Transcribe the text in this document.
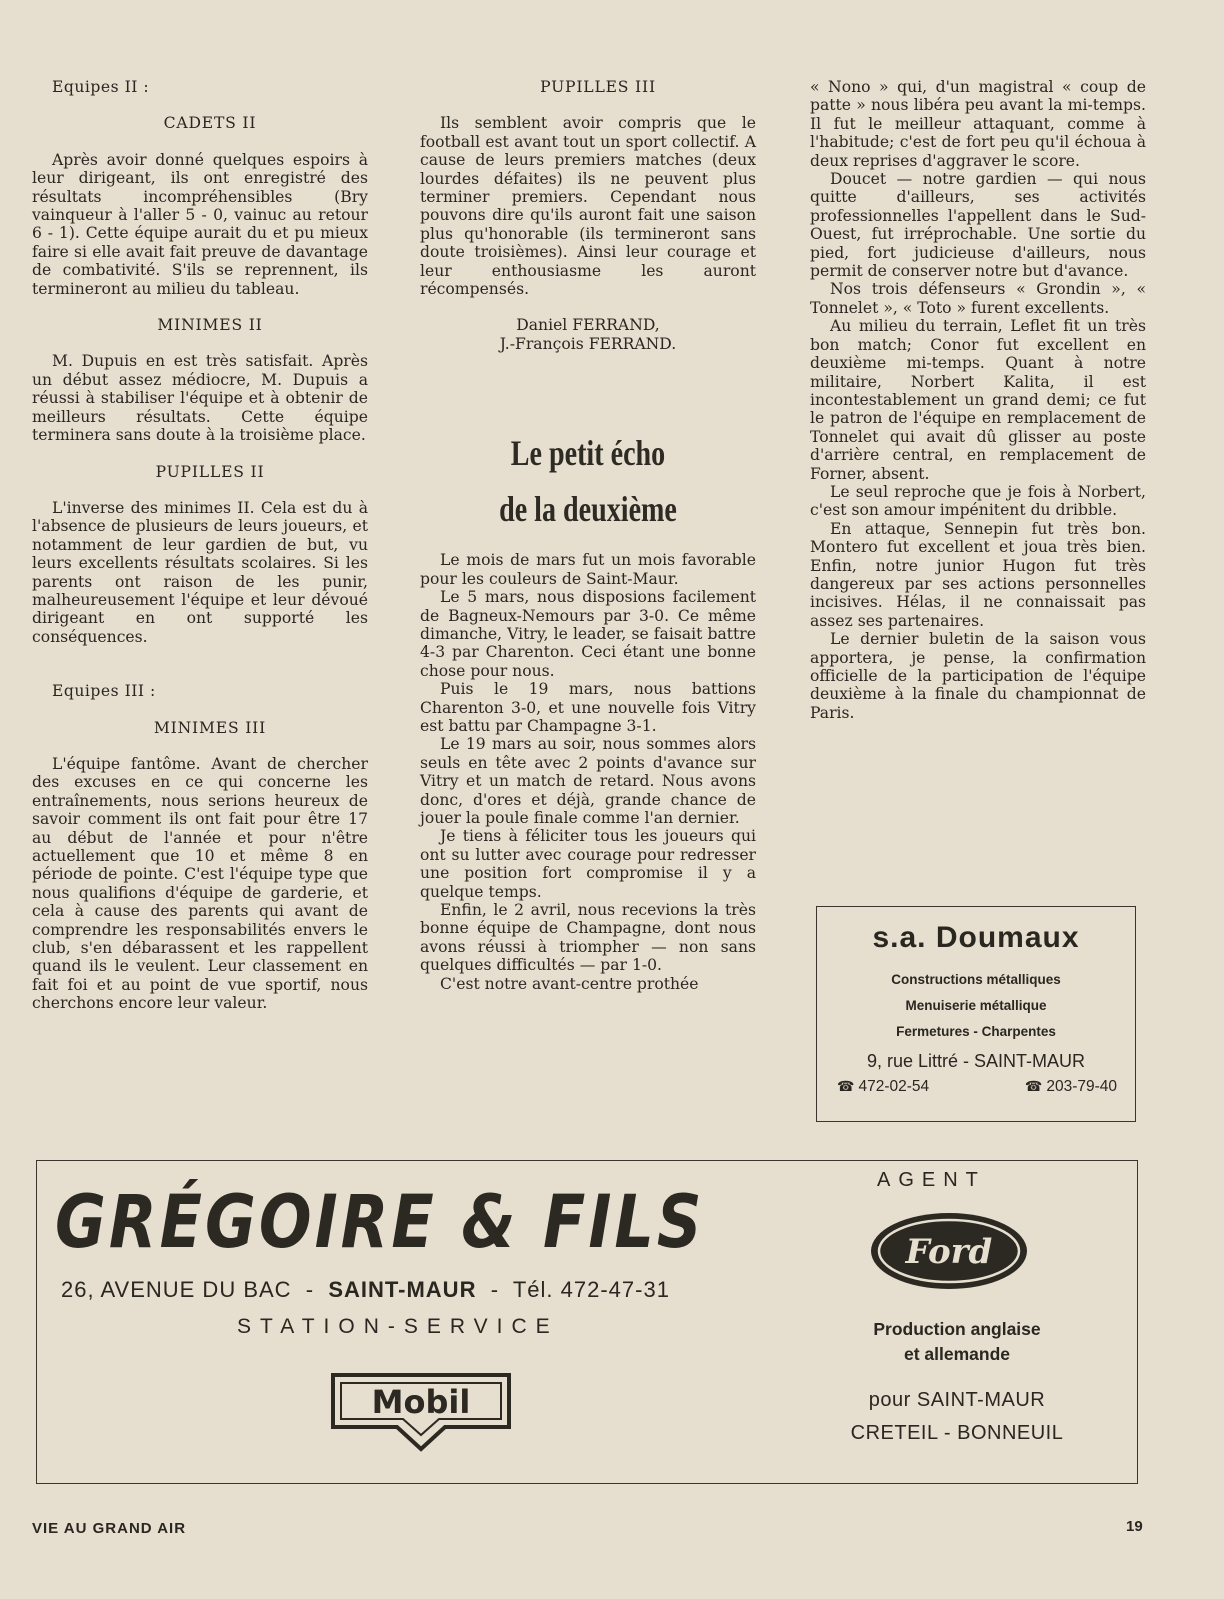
Equipes II :

CADETS II

Après avoir donné quelques espoirs à leur dirigeant, ils ont enregistré des résultats incompréhensibles (Bry vainqueur à l'aller 5 - 0, vainuc au retour 6 - 1). Cette équipe aurait du et pu mieux faire si elle avait fait preuve de davantage de combativité. S'ils se reprennent, ils termineront au milieu du tableau.

MINIMES II

M. Dupuis en est très satisfait. Après un début assez médiocre, M. Dupuis a réussi à stabiliser l'équipe et à obtenir de meilleurs résultats. Cette équipe terminera sans doute à la troisième place.

PUPILLES II

L'inverse des minimes II. Cela est du à l'absence de plusieurs de leurs joueurs, et notamment de leur gardien de but, vu leurs excellents résultats scolaires. Si les parents ont raison de les punir, malheureusement l'équipe et leur dévoué dirigeant en ont supporté les conséquences.

Equipes III :

MINIMES III

L'équipe fantôme. Avant de chercher des excuses en ce qui concerne les entraînements, nous serions heureux de savoir comment ils ont fait pour être 17 au début de l'année et pour n'être actuellement que 10 et même 8 en période de pointe. C'est l'équipe type que nous qualifions d'équipe de garderie, et cela à cause des parents qui avant de comprendre les responsabilités envers le club, s'en débarassent et les rappellent quand ils le veulent. Leur classement en fait foi et au point de vue sportif, nous cherchons encore leur valeur.

PUPILLES III

Ils semblent avoir compris que le football est avant tout un sport collectif. A cause de leurs premiers matches (deux lourdes défaites) ils ne peuvent plus terminer premiers. Cependant nous pouvons dire qu'ils auront fait une saison plus qu'honorable (ils termineront sans doute troisièmes). Ainsi leur courage et leur enthousiasme les auront récompensés.

Daniel FERRAND,
J.-François FERRAND.
Le petit écho
de la deuxième

Le mois de mars fut un mois favorable pour les couleurs de Saint-Maur.

Le 5 mars, nous disposions facilement de Bagneux-Nemours par 3-0. Ce même dimanche, Vitry, le leader, se faisait battre 4-3 par Charenton. Ceci étant une bonne chose pour nous.

Puis le 19 mars, nous battions Charenton 3-0, et une nouvelle fois Vitry est battu par Champagne 3-1.

Le 19 mars au soir, nous sommes alors seuls en tête avec 2 points d'avance sur Vitry et un match de retard. Nous avons donc, d'ores et déjà, grande chance de jouer la poule finale comme l'an dernier.

Je tiens à féliciter tous les joueurs qui ont su lutter avec courage pour redresser une position fort compromise il y a quelque temps.

Enfin, le 2 avril, nous recevions la très bonne équipe de Champagne, dont nous avons réussi à triompher — non sans quelques difficultés — par 1-0.

C'est notre avant-centre prothée

« Nono » qui, d'un magistral « coup de patte » nous libéra peu avant la mi-temps. Il fut le meilleur attaquant, comme à l'habitude; c'est de fort peu qu'il échoua à deux reprises d'aggraver le score.

Doucet — notre gardien — qui nous quitte d'ailleurs, ses activités professionnelles l'appellent dans le Sud-Ouest, fut irréprochable. Une sortie du pied, fort judicieuse d'ailleurs, nous permit de conserver notre but d'avance.

Nos trois défenseurs « Grondin », « Tonnelet », « Toto » furent excellents.

Au milieu du terrain, Leflet fit un très bon match; Conor fut excellent en deuxième mi-temps. Quant à notre militaire, Norbert Kalita, il est incontestablement un grand demi; ce fut le patron de l'équipe en remplacement de Tonnelet qui avait dû glisser au poste d'arrière central, en remplacement de Forner, absent.

Le seul reproche que je fois à Norbert, c'est son amour impénitent du dribble.

En attaque, Sennepin fut très bon. Montero fut excellent et joua très bien. Enfin, notre junior Hugon fut très dangereux par ses actions personnelles incisives. Hélas, il ne connaissait pas assez ses partenaires.

Le dernier buletin de la saison vous apportera, je pense, la confirmation officielle de la participation de l'équipe deuxième à la finale du championnat de Paris.

s.a. Doumaux
Constructions métalliques
Menuiserie métallique
Fermetures - Charpentes
9, rue Littré - SAINT-MAUR
☎ 472-02-54	☎ 203-79-40
GRÉGOIRE & FILS
26, AVENUE DU BAC - SAINT-MAUR - Tél. 472-47-31
STATION-SERVICE
Mobil
AGENT
Ford
Production anglaise
et allemande
pour SAINT-MAUR
CRETEIL - BONNEUIL
VIE AU GRAND AIR	19
